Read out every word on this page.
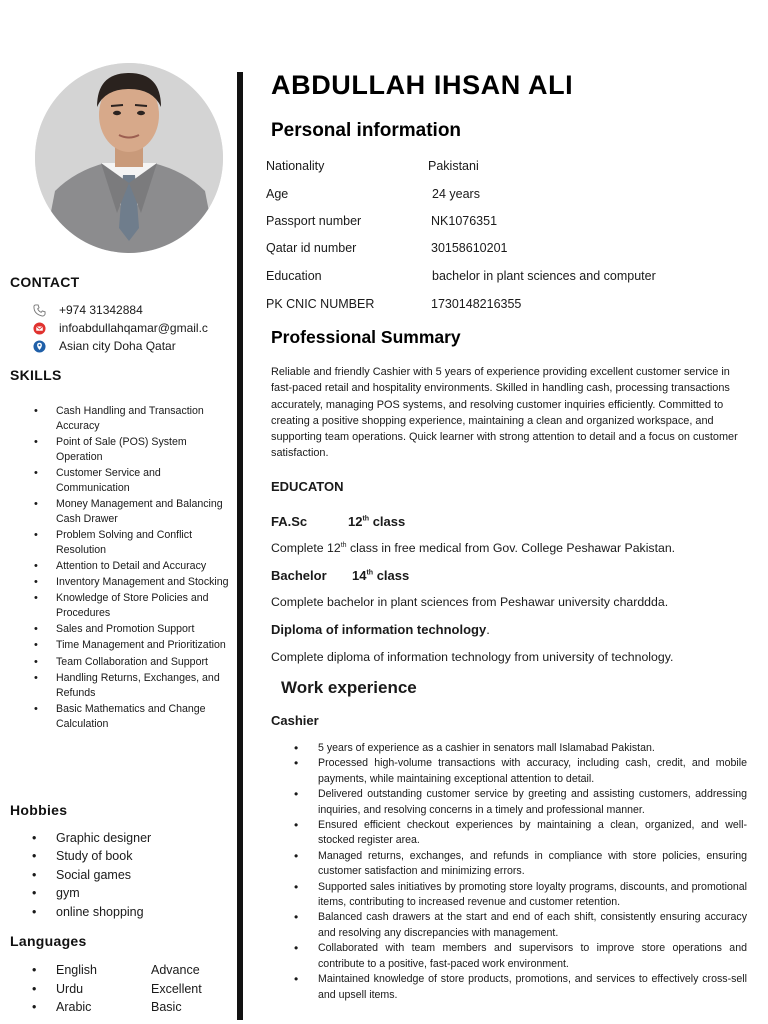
CONTACT
+974 31342884
infoabdullahqamar@gmail.c
Asian city Doha Qatar
SKILLS
• Cash Handling and Transaction Accuracy
• Point of Sale (POS) System Operation
• Customer Service and Communication
• Money Management and Balancing Cash Drawer
• Problem Solving and Conflict Resolution
• Attention to Detail and Accuracy
• Inventory Management and Stocking
• Knowledge of Store Policies and Procedures
• Sales and Promotion Support
• Time Management and Prioritization
• Team Collaboration and Support
• Handling Returns, Exchanges, and Refunds
• Basic Mathematics and Change Calculation
Hobbies
• Graphic designer
• Study of book
• Social games
• gym
• online shopping
Languages
• English	Advance
• Urdu	Excellent
• Arabic	Basic
ABDULLAH IHSAN ALI
Personal information
Nationality	Pakistani
Age	24 years
Passport number	NK1076351
Qatar id number	30158610201
Education	bachelor in plant sciences and computer
PK CNIC NUMBER	1730148216355
Professional Summary

Reliable and friendly Cashier with 5 years of experience providing excellent customer service in fast-paced retail and hospitality environments. Skilled in handling cash, processing transactions accurately, managing POS systems, and resolving customer inquiries efficiently. Committed to creating a positive shopping experience, maintaining a clean and organized workspace, and supporting team operations. Quick learner with strong attention to detail and a focus on customer satisfaction.

EDUCATON
FA.Sc	12th class
Complete 12th class in free medical from Gov. College Peshawar Pakistan.
Bachelor 14th class
Complete bachelor in plant sciences from Peshawar university charddda.
Diploma of information technology.
Complete diploma of information technology from university of technology.
Work experience
Cashier
• 5 years of experience as a cashier in senators mall Islamabad Pakistan.
• Processed high-volume transactions with accuracy, including cash, credit, and mobile payments, while maintaining exceptional attention to detail.
• Delivered outstanding customer service by greeting and assisting customers, addressing inquiries, and resolving concerns in a timely and professional manner.
• Ensured efficient checkout experiences by maintaining a clean, organized, and well-stocked register area.
• Managed returns, exchanges, and refunds in compliance with store policies, ensuring customer satisfaction and minimizing errors.
• Supported sales initiatives by promoting store loyalty programs, discounts, and promotional items, contributing to increased revenue and customer retention.
• Balanced cash drawers at the start and end of each shift, consistently ensuring accuracy and resolving any discrepancies with management.
• Collaborated with team members and supervisors to improve store operations and contribute to a positive, fast-paced work environment.
• Maintained knowledge of store products, promotions, and services to effectively cross-sell and upsell items.
